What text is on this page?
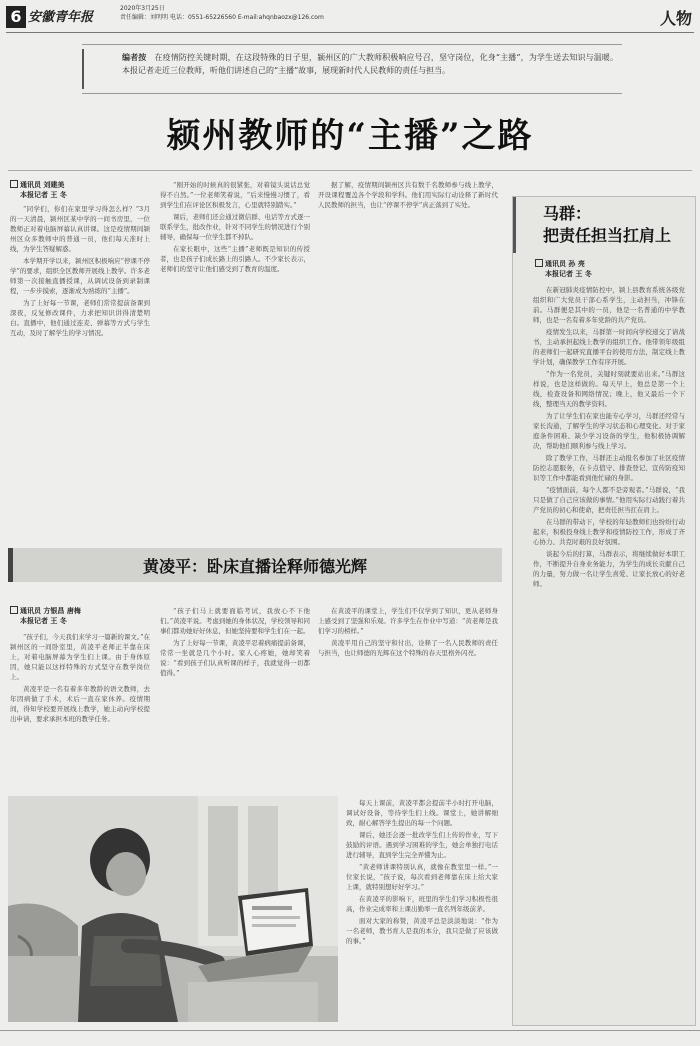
6 安徽青年报
2020年3月25日
责任编辑：刘明明 电话：0551-65226560 E-mail:ahqnbaozx@126.com	人物
编者按　 在疫情防控关键时期，在这段特殊的日子里，颍州区的广大教师积极响应号召，坚守岗位，化身“主播”，为学生送去知识与温暖。本报记者走近三位教师，听他们讲述自己的“主播”故事，展现新时代人民教师的责任与担当。
颍州教师的“主播”之路
通讯员 刘建美
本报记者 王 冬

“同学们，你们在家里学习得怎么样？”3月的一天清晨，颍州区某中学的一间书房里，一位教师正对着电脑屏幕认真讲课。这是疫情期间颍州区众多教师中的普通一员，他们每天准时上线，为学生答疑解惑。

本学期开学以来，颍州区积极响应“停课不停学”的要求，组织全区教师开展线上教学。许多老师第一次接触直播授课，从调试设备到录制课程，一步步摸索，逐渐成为熟练的“主播”。

为了上好每一节课，老师们常常提前备课到深夜，反复修改课件，力求把知识讲得清楚明白。直播中，他们通过连麦、弹幕等方式与学生互动，及时了解学生的学习情况。

“刚开始的时候真的很紧张，对着镜头说话总觉得不自然。”一位老师笑着说，“后来慢慢习惯了，看到学生们在评论区积极发言，心里就特别踏实。”

课后，老师们还会通过微信群、电话等方式逐一联系学生，批改作业，针对不同学生的情况进行个别辅导，确保每一位学生都不掉队。

在家长眼中，这些“主播”老师既是知识的传授者，也是孩子们成长路上的引路人。不少家长表示，老师们的坚守让他们感受到了教育的温度。

据了解，疫情期间颍州区共有数千名教师参与线上教学，开设课程覆盖各个学段和学科。他们用实际行动诠释了新时代人民教师的担当，也让“停课不停学”真正落到了实处。	马群：
把责任担当扛肩上
通讯员 孙 亮
本报记者 王 冬

在新冠肺炎疫情防控中，颍上县教育系统各级党组织和广大党员干部心系学生，主动担当，冲锋在前。马群便是其中的一员，他是一名普通的中学教师，也是一名有着多年党龄的共产党员。

疫情发生以来，马群第一时间向学校递交了请战书，主动承担起线上教学的组织工作。他带领年级组的老师们一起研究直播平台的使用方法，制定线上教学计划，确保教学工作有序开展。

“作为一名党员，关键时刻就要站出来。”马群这样说，也是这样做的。每天早上，他总是第一个上线，检查设备和网络情况；晚上，他又最后一个下线，整理当天的教学资料。

为了让学生们在家也能专心学习，马群还经常与家长沟通，了解学生的学习状态和心理变化。对于家庭条件困难、缺少学习设备的学生，他积极协调解决，帮助他们顺利参与线上学习。

除了教学工作，马群还主动报名参加了社区疫情防控志愿服务，在卡点值守、排查登记、宣传防疫知识等工作中都能看到他忙碌的身影。

“疫情面前，每个人都不是旁观者。”马群说，“我只是做了自己应该做的事情。”他用实际行动践行着共产党员的初心和使命，把责任担当扛在肩上。

在马群的带动下，学校的年轻教师们也纷纷行动起来，积极投身线上教学和疫情防控工作，形成了齐心协力、共克时艰的良好氛围。

谈起今后的打算，马群表示，将继续做好本职工作，不断提升自身业务能力，为学生的成长贡献自己的力量，努力做一名让学生喜爱、让家长放心的好老师。

黄凌平：卧床直播诠释师德光辉
通讯员 方银昌 唐梅
本报记者 王 冬

“孩子们，今天我们来学习一篇新的课文。”在颍州区的一间卧室里，黄凌平老师正半靠在床上，对着电脑屏幕为学生们上课。由于身体原因，她只能以这样特殊的方式坚守在教学岗位上。

黄凌平是一名有着多年教龄的语文教师，去年因病做了手术，术后一直在家休养。疫情期间，得知学校要开展线上教学，她主动向学校提出申请，要求承担本班的教学任务。

“孩子们马上就要面临考试，我放心不下他们。”黄凌平说。考虑到她的身体状况，学校领导和同事们都劝她好好休息，但她坚持要和学生们在一起。

为了上好每一节课，黄凌平忍着病痛提前备课，常常一坐就是几个小时。家人心疼她，她却笑着说：“看到孩子们认真听课的样子，我就觉得一切都值得。”

在黄凌平的课堂上，学生们不仅学到了知识，更从老师身上感受到了坚强和乐观。许多学生在作业中写道：“黄老师是我们学习的榜样。”

黄凌平用自己的坚守和付出，诠释了一名人民教师的责任与担当，也让师德的光辉在这个特殊的春天里格外闪亮。

每天上课前，黄凌平都会提前半小时打开电脑，调试好设备，等待学生们上线。课堂上，她讲解细致，耐心解答学生提出的每一个问题。

课后，她还会逐一批改学生们上传的作业，写下鼓励的评语。遇到学习困难的学生，她会单独打电话进行辅导，直到学生完全弄懂为止。

“黄老师讲课特别认真，就像在教室里一样。”一位家长说，“孩子说，每次看到老师靠在床上给大家上课，就特别想好好学习。”

在黄凌平的影响下，班里的学生们学习积极性很高，作业完成率和上课出勤率一直名列年级前茅。

面对大家的称赞，黄凌平总是淡淡地说：“作为一名老师，教书育人是我的本分，我只是做了应该做的事。”
